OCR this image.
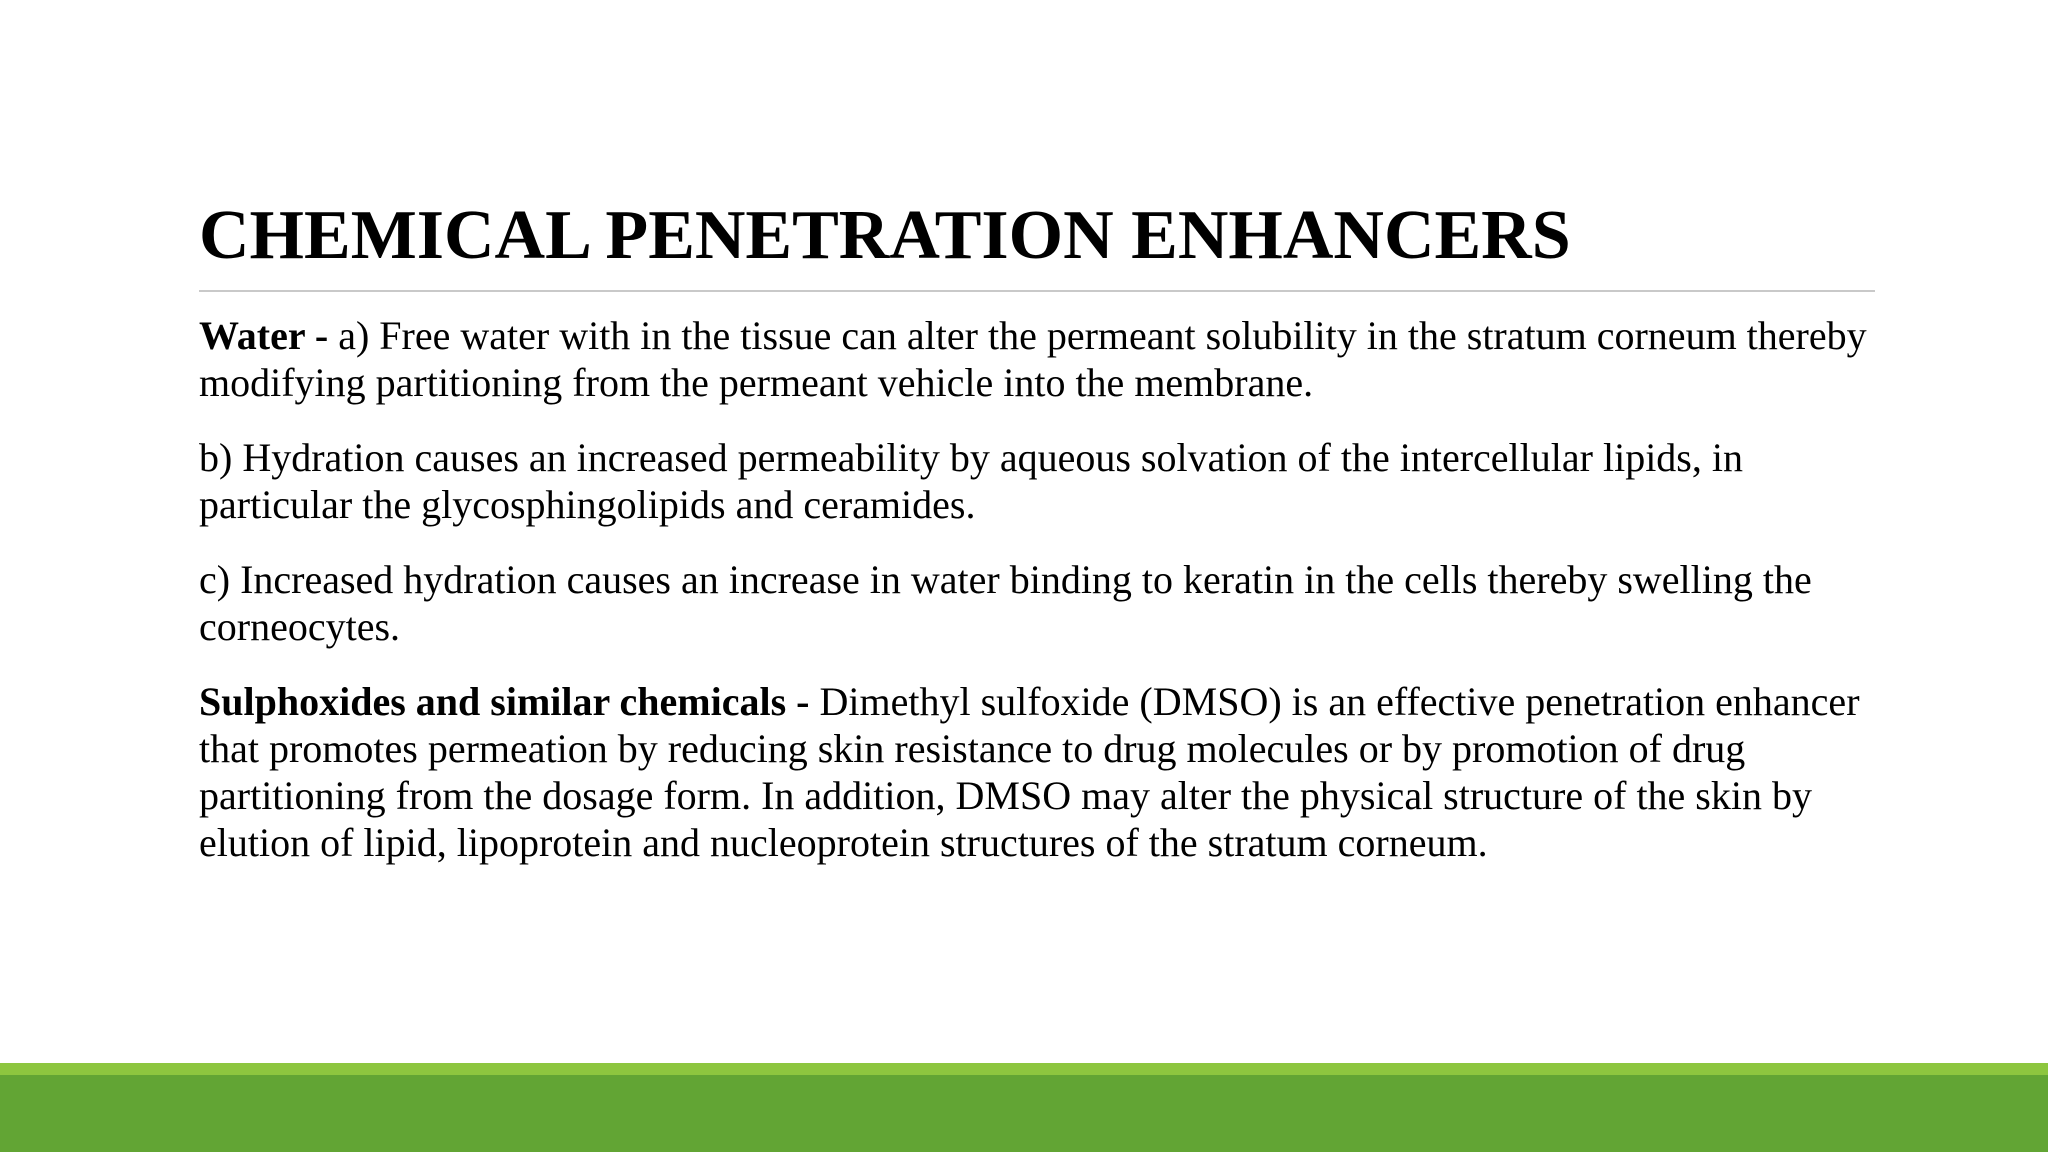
CHEMICAL PENETRATION ENHANCERS

Water - a) Free water with in the tissue can alter the permeant solubility in the stratum corneum thereby modifying partitioning from the permeant vehicle into the membrane.

b) Hydration causes an increased permeability by aqueous solvation of the intercellular lipids, in particular the glycosphingolipids and ceramides.

c) Increased hydration causes an increase in water binding to keratin in the cells thereby swelling the corneocytes.

Sulphoxides and similar chemicals - Dimethyl sulfoxide (DMSO) is an effective penetration enhancer that promotes permeation by reducing skin resistance to drug molecules or by promotion of drug partitioning from the dosage form. In addition, DMSO may alter the physical structure of the skin by elution of lipid, lipoprotein and nucleoprotein structures of the stratum corneum.
